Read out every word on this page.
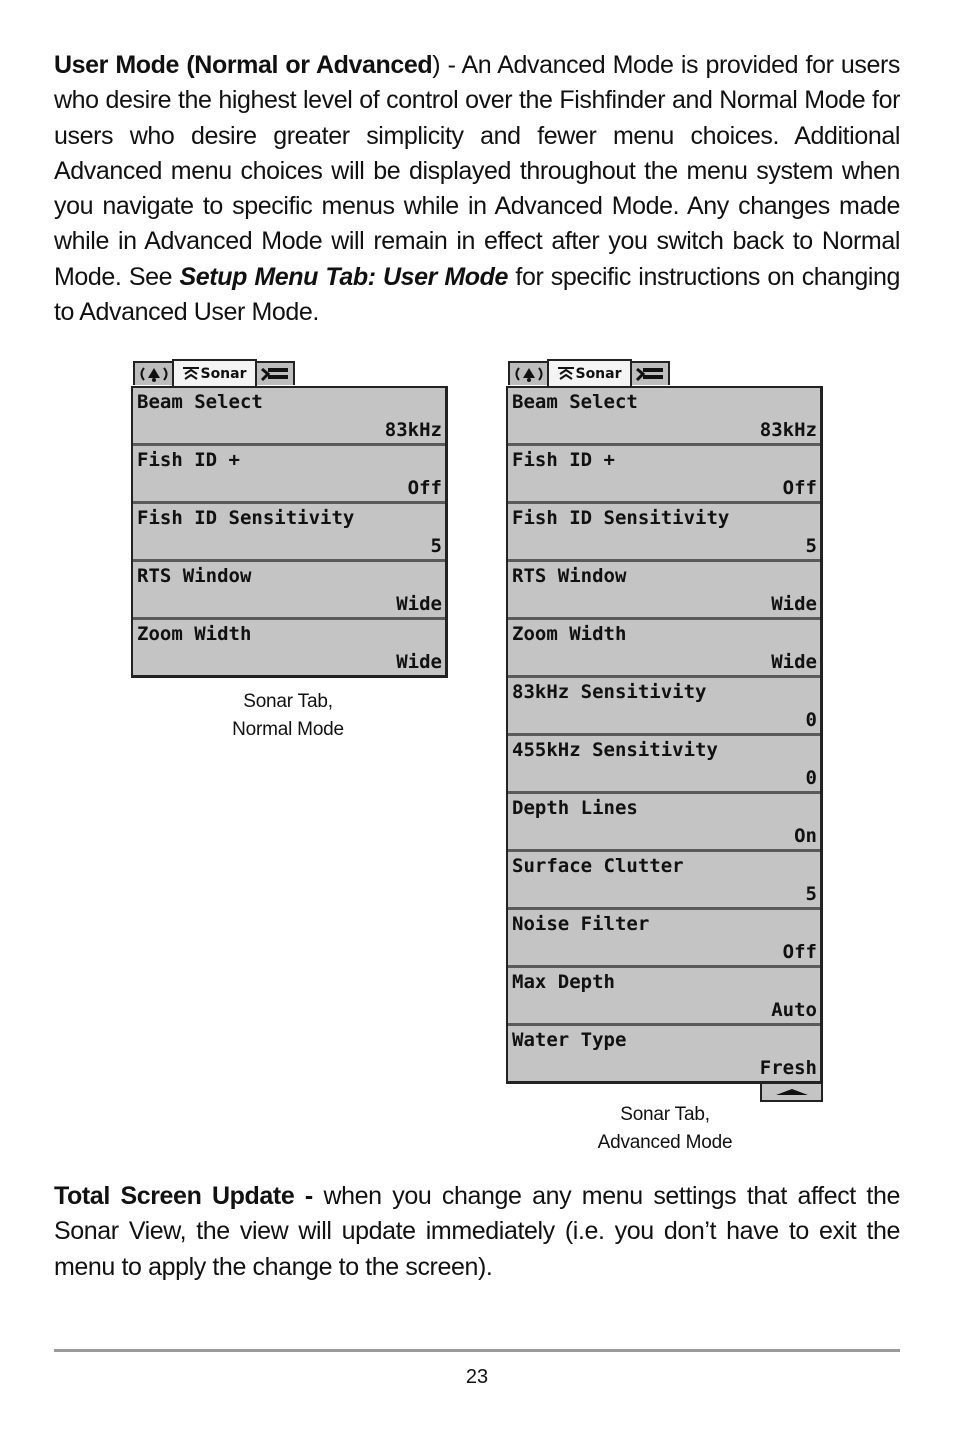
User Mode (Normal or Advanced) - An Advanced Mode is provided for users who desire the highest level of control over the Fishfinder and Normal Mode for users who desire greater simplicity and fewer menu choices. Additional Advanced menu choices will be displayed throughout the menu system when you navigate to specific menus while in Advanced Mode. Any changes made while in Advanced Mode will remain in effect after you switch back to Normal Mode. See Setup Menu Tab: User Mode for specific instructions on changing to Advanced User Mode.

Sonar
Beam Select
83kHz
Fish ID +
Off
Fish ID Sensitivity
5
RTS Window
Wide
Zoom Width
Wide
Sonar Tab,
Normal Mode
Sonar
Beam Select
83kHz
Fish ID +
Off
Fish ID Sensitivity
5
RTS Window
Wide
Zoom Width
Wide
83kHz Sensitivity
0
455kHz Sensitivity
0
Depth Lines
On
Surface Clutter
5
Noise Filter
Off
Max Depth
Auto
Water Type
Fresh
Sonar Tab,
Advanced Mode

Total Screen Update - when you change any menu settings that affect the Sonar View, the view will update immediately (i.e. you don’t have to exit the menu to apply the change to the screen).

23
